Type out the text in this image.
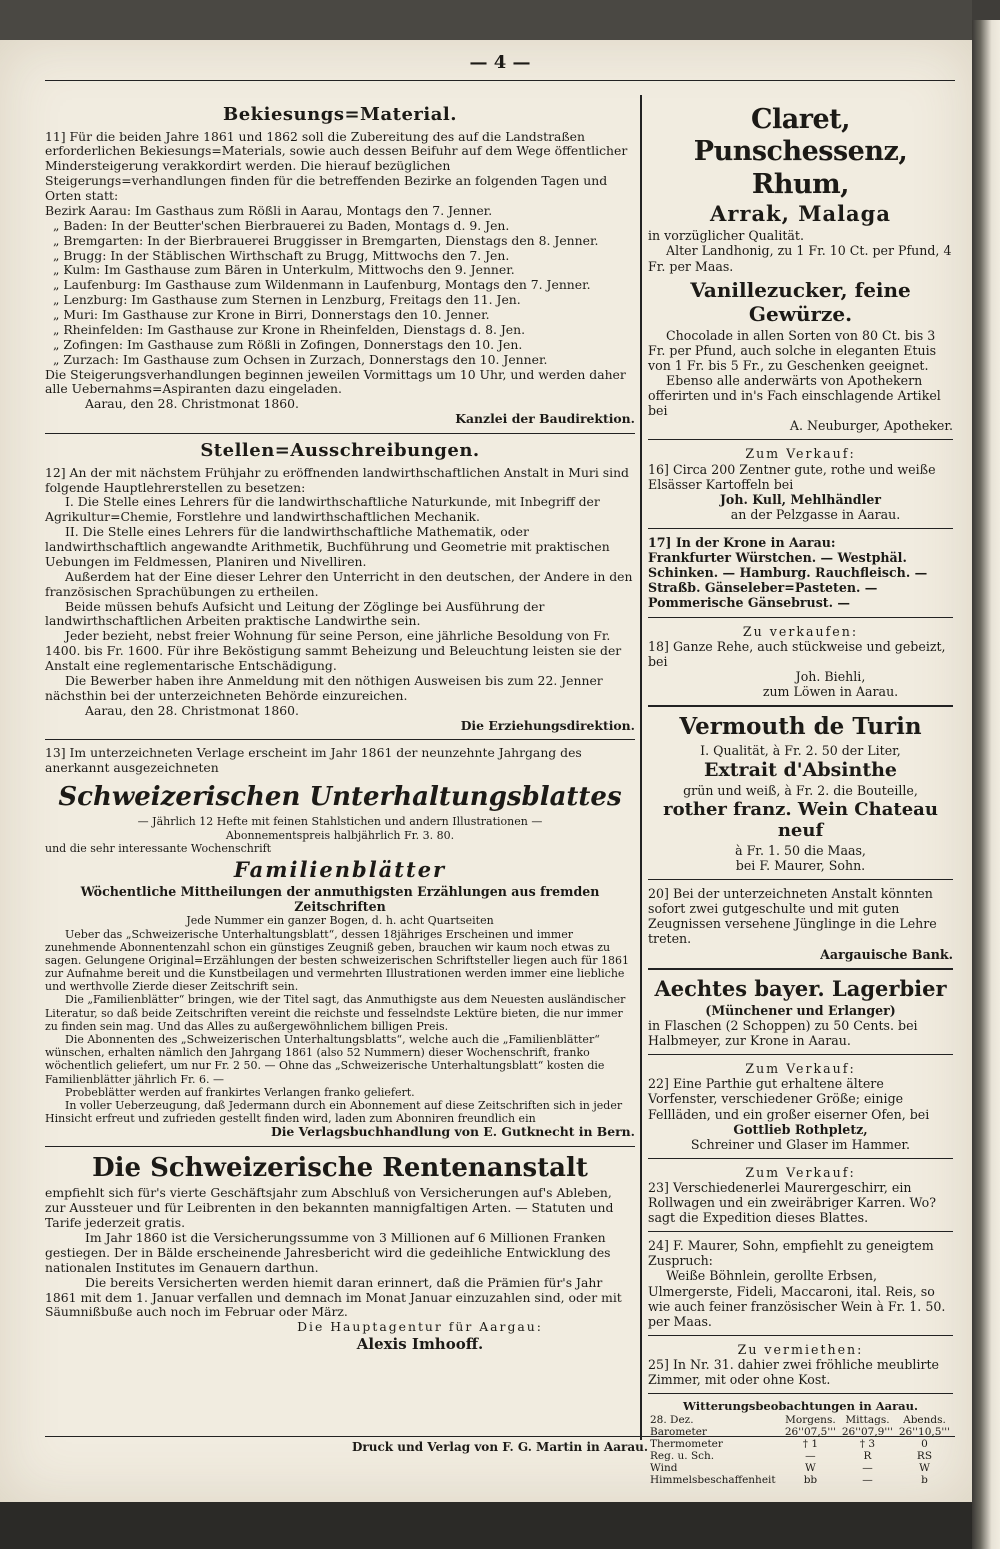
— 4 —
Bekiesungs=Material.

11] Für die beiden Jahre 1861 und 1862 soll die Zubereitung des auf die Landstraßen erforderlichen Bekiesungs=Materials, sowie auch dessen Beifuhr auf dem Wege öffentlicher Mindersteigerung verakkordirt werden. Die hierauf bezüglichen Steigerungs=verhandlungen finden für die betreffenden Bezirke an folgenden Tagen und Orten statt:

Bezirk Aarau: Im Gasthaus zum Rößli in Aarau, Montags den 7. Jenner.

„ Baden: In der Beutter'schen Bierbrauerei zu Baden, Montags d. 9. Jen.

„ Bremgarten: In der Bierbrauerei Bruggisser in Bremgarten, Dienstags den 8. Jenner.

„ Brugg: In der Stäblischen Wirthschaft zu Brugg, Mittwochs den 7. Jen.

„ Kulm: Im Gasthause zum Bären in Unterkulm, Mittwochs den 9. Jenner.

„ Laufenburg: Im Gasthause zum Wildenmann in Laufenburg, Montags den 7. Jenner.

„ Lenzburg: Im Gasthause zum Sternen in Lenzburg, Freitags den 11. Jen.

„ Muri: Im Gasthause zur Krone in Birri, Donnerstags den 10. Jenner.

„ Rheinfelden: Im Gasthause zur Krone in Rheinfelden, Dienstags d. 8. Jen.

„ Zofingen: Im Gasthause zum Rößli in Zofingen, Donnerstags den 10. Jen.

„ Zurzach: Im Gasthause zum Ochsen in Zurzach, Donnerstags den 10. Jenner.

Die Steigerungsverhandlungen beginnen jeweilen Vormittags um 10 Uhr, und werden daher alle Uebernahms=Aspiranten dazu eingeladen.

Aarau, den 28. Christmonat 1860.

Kanzlei der Baudirektion.
Stellen=Ausschreibungen.

12] An der mit nächstem Frühjahr zu eröffnenden landwirthschaftlichen Anstalt in Muri sind folgende Hauptlehrerstellen zu besetzen:

I. Die Stelle eines Lehrers für die landwirthschaftliche Naturkunde, mit Inbegriff der Agrikultur=Chemie, Forstlehre und landwirthschaftlichen Mechanik.

II. Die Stelle eines Lehrers für die landwirthschaftliche Mathematik, oder landwirthschaftlich angewandte Arithmetik, Buchführung und Geometrie mit praktischen Uebungen im Feldmessen, Planiren und Nivelliren.

Außerdem hat der Eine dieser Lehrer den Unterricht in den deutschen, der Andere in den französischen Sprachübungen zu ertheilen.

Beide müssen behufs Aufsicht und Leitung der Zöglinge bei Ausführung der landwirthschaftlichen Arbeiten praktische Landwirthe sein.

Jeder bezieht, nebst freier Wohnung für seine Person, eine jährliche Besoldung von Fr. 1400. bis Fr. 1600. Für ihre Beköstigung sammt Beheizung und Beleuchtung leisten sie der Anstalt eine reglementarische Entschädigung.

Die Bewerber haben ihre Anmeldung mit den nöthigen Ausweisen bis zum 22. Jenner nächsthin bei der unterzeichneten Behörde einzureichen.

Aarau, den 28. Christmonat 1860.

Die Erziehungsdirektion.

13] Im unterzeichneten Verlage erscheint im Jahr 1861 der neunzehnte Jahrgang des anerkannt ausgezeichneten

Schweizerischen Unterhaltungsblattes
— Jährlich 12 Hefte mit feinen Stahlstichen und andern Illustrationen — Abonnementspreis halbjährlich Fr. 3. 80.
und die sehr interessante Wochenschrift
Familienblätter
Wöchentliche Mittheilungen der anmuthigsten Erzählungen aus fremden Zeitschriften
Jede Nummer ein ganzer Bogen, d. h. acht Quartseiten

Ueber das „Schweizerische Unterhaltungsblatt“, dessen 18jähriges Erscheinen und immer zunehmende Abonnentenzahl schon ein günstiges Zeugniß geben, brauchen wir kaum noch etwas zu sagen. Gelungene Original=Erzählungen der besten schweizerischen Schriftsteller liegen auch für 1861 zur Aufnahme bereit und die Kunstbeilagen und vermehrten Illustrationen werden immer eine liebliche und werthvolle Zierde dieser Zeitschrift sein.

Die „Familienblätter“ bringen, wie der Titel sagt, das Anmuthigste aus dem Neuesten ausländischer Literatur, so daß beide Zeitschriften vereint die reichste und fesselndste Lektüre bieten, die nur immer zu finden sein mag. Und das Alles zu außergewöhnlichem billigen Preis.

Die Abonnenten des „Schweizerischen Unterhaltungsblatts“, welche auch die „Familienblätter“ wünschen, erhalten nämlich den Jahrgang 1861 (also 52 Nummern) dieser Wochenschrift, franko wöchentlich geliefert, um nur Fr. 2 50. — Ohne das „Schweizerische Unterhaltungsblatt“ kosten die Familienblätter jährlich Fr. 6. —

Probeblätter werden auf frankirtes Verlangen franko geliefert.

In voller Ueberzeugung, daß Jedermann durch ein Abonnement auf diese Zeitschriften sich in jeder Hinsicht erfreut und zufrieden gestellt finden wird, laden zum Abonniren freundlich ein

Die Verlagsbuchhandlung von E. Gutknecht in Bern.
Die Schweizerische Rentenanstalt

empfiehlt sich für's vierte Geschäftsjahr zum Abschluß von Versicherungen auf's Ableben, zur Aussteuer und für Leibrenten in den bekannten mannigfaltigen Arten. — Statuten und Tarife jederzeit gratis.

Im Jahr 1860 ist die Versicherungssumme von 3 Millionen auf 6 Millionen Franken gestiegen. Der in Bälde erscheinende Jahresbericht wird die gedeihliche Entwicklung des nationalen Institutes im Genauern darthun.

Die bereits Versicherten werden hiemit daran erinnert, daß die Prämien für's Jahr 1861 mit dem 1. Januar verfallen und demnach im Monat Januar einzuzahlen sind, oder mit Säumnißbuße auch noch im Februar oder März.

Die Hauptagentur für Aargau:
Alexis Imhooff.
Claret, Punschessenz, Rhum,
Arrak, Malaga

in vorzüglicher Qualität.

Alter Landhonig, zu 1 Fr. 10 Ct. per Pfund, 4 Fr. per Maas.

Vanillezucker, feine Gewürze.

Chocolade in allen Sorten von 80 Ct. bis 3 Fr. per Pfund, auch solche in eleganten Etuis von 1 Fr. bis 5 Fr., zu Geschenken geeignet.

Ebenso alle anderwärts von Apothekern offerirten und in's Fach einschlagende Artikel bei

A. Neuburger, Apotheker.
Zum Verkauf:

16] Circa 200 Zentner gute, rothe und weiße Elsässer Kartoffeln bei

Joh. Kull, Mehlhändler
an der Pelzgasse in Aarau.
17] In der Krone in Aarau:

Frankfurter Würstchen. — Westphäl. Schinken. — Hamburg. Rauchfleisch. — Straßb. Gänseleber=Pasteten. — Pommerische Gänsebrust. —

Zu verkaufen:

18] Ganze Rehe, auch stückweise und gebeizt, bei

Joh. Biehli,
zum Löwen in Aarau.
Vermouth de Turin
I. Qualität, à Fr. 2. 50 der Liter,
Extrait d'Absinthe
grün und weiß, à Fr. 2. die Bouteille,
rother franz. Wein Chateau neuf
à Fr. 1. 50 die Maas,
bei F. Maurer, Sohn.

20] Bei der unterzeichneten Anstalt könnten sofort zwei gutgeschulte und mit guten Zeugnissen versehene Jünglinge in die Lehre treten.

Aargauische Bank.
Aechtes bayer. Lagerbier
(Münchener und Erlanger)

in Flaschen (2 Schoppen) zu 50 Cents. bei Halbmeyer, zur Krone in Aarau.

Zum Verkauf:

22] Eine Parthie gut erhaltene ältere Vorfenster, verschiedener Größe; einige Fellläden, und ein großer eiserner Ofen, bei

Gottlieb Rothpletz,
Schreiner und Glaser im Hammer.
Zum Verkauf:

23] Verschiedenerlei Maurergeschirr, ein Rollwagen und ein zweiräbriger Karren. Wo? sagt die Expedition dieses Blattes.

24] F. Maurer, Sohn, empfiehlt zu geneigtem Zuspruch:

Weiße Böhnlein, gerollte Erbsen, Ulmergerste, Fideli, Maccaroni, ital. Reis, so wie auch feiner französischer Wein à Fr. 1. 50. per Maas.

Zu vermiethen:

25] In Nr. 31. dahier zwei fröhliche meublirte Zimmer, mit oder ohne Kost.

Witterungsbeobachtungen in Aarau.
28. Dez.	Morgens.	Mittags.	Abends.
Barometer	26''07,5'''	26''07,9'''	26''10,5'''
Thermometer	† 1	† 3	0
Reg. u. Sch.	—	R	RS
Wind	W	—	W
Himmelsbeschaffenheit	bb	—	b
Druck und Verlag von F. G. Martin in Aarau.
